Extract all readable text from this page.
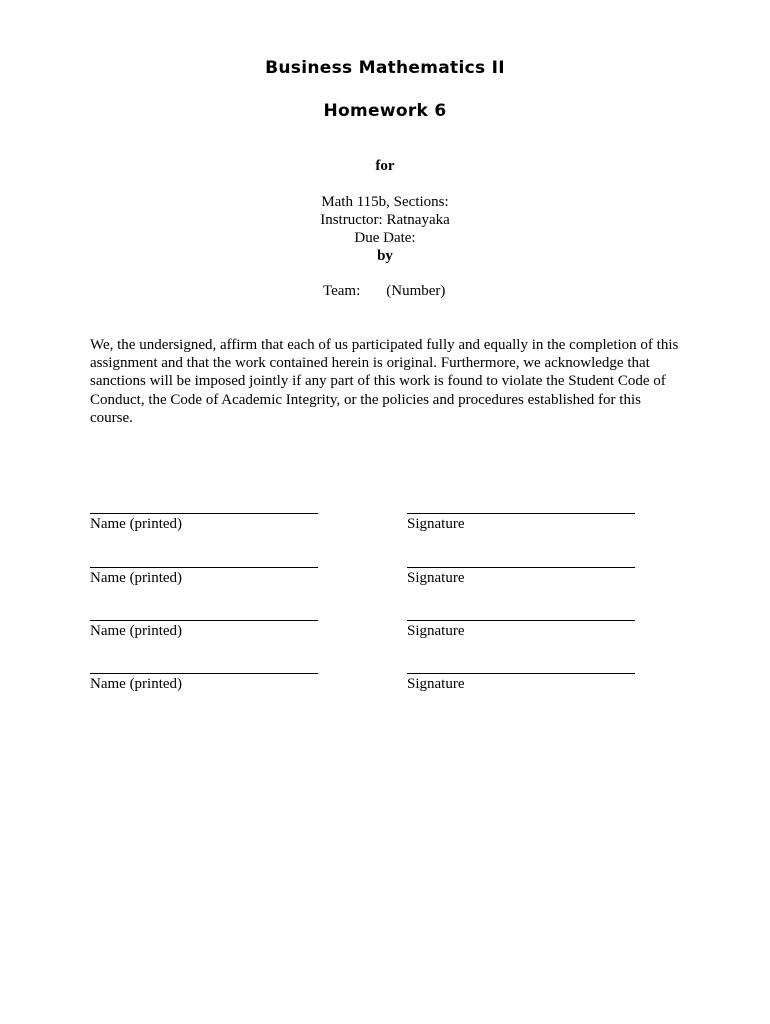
Business Mathematics II
Homework 6
for
Math 115b, Sections:
Instructor: Ratnayaka
Due Date:
by
Team: (Number)
We, the undersigned, affirm that each of us participated fully and equally in the completion of this assignment and that the work contained herein is original. Furthermore, we acknowledge that sanctions will be imposed jointly if any part of this work is found to violate the Student Code of Conduct, the Code of Academic Integrity, or the policies and procedures established for this course.
Name (printed)	Signature
Name (printed)	Signature
Name (printed)	Signature
Name (printed)	Signature
